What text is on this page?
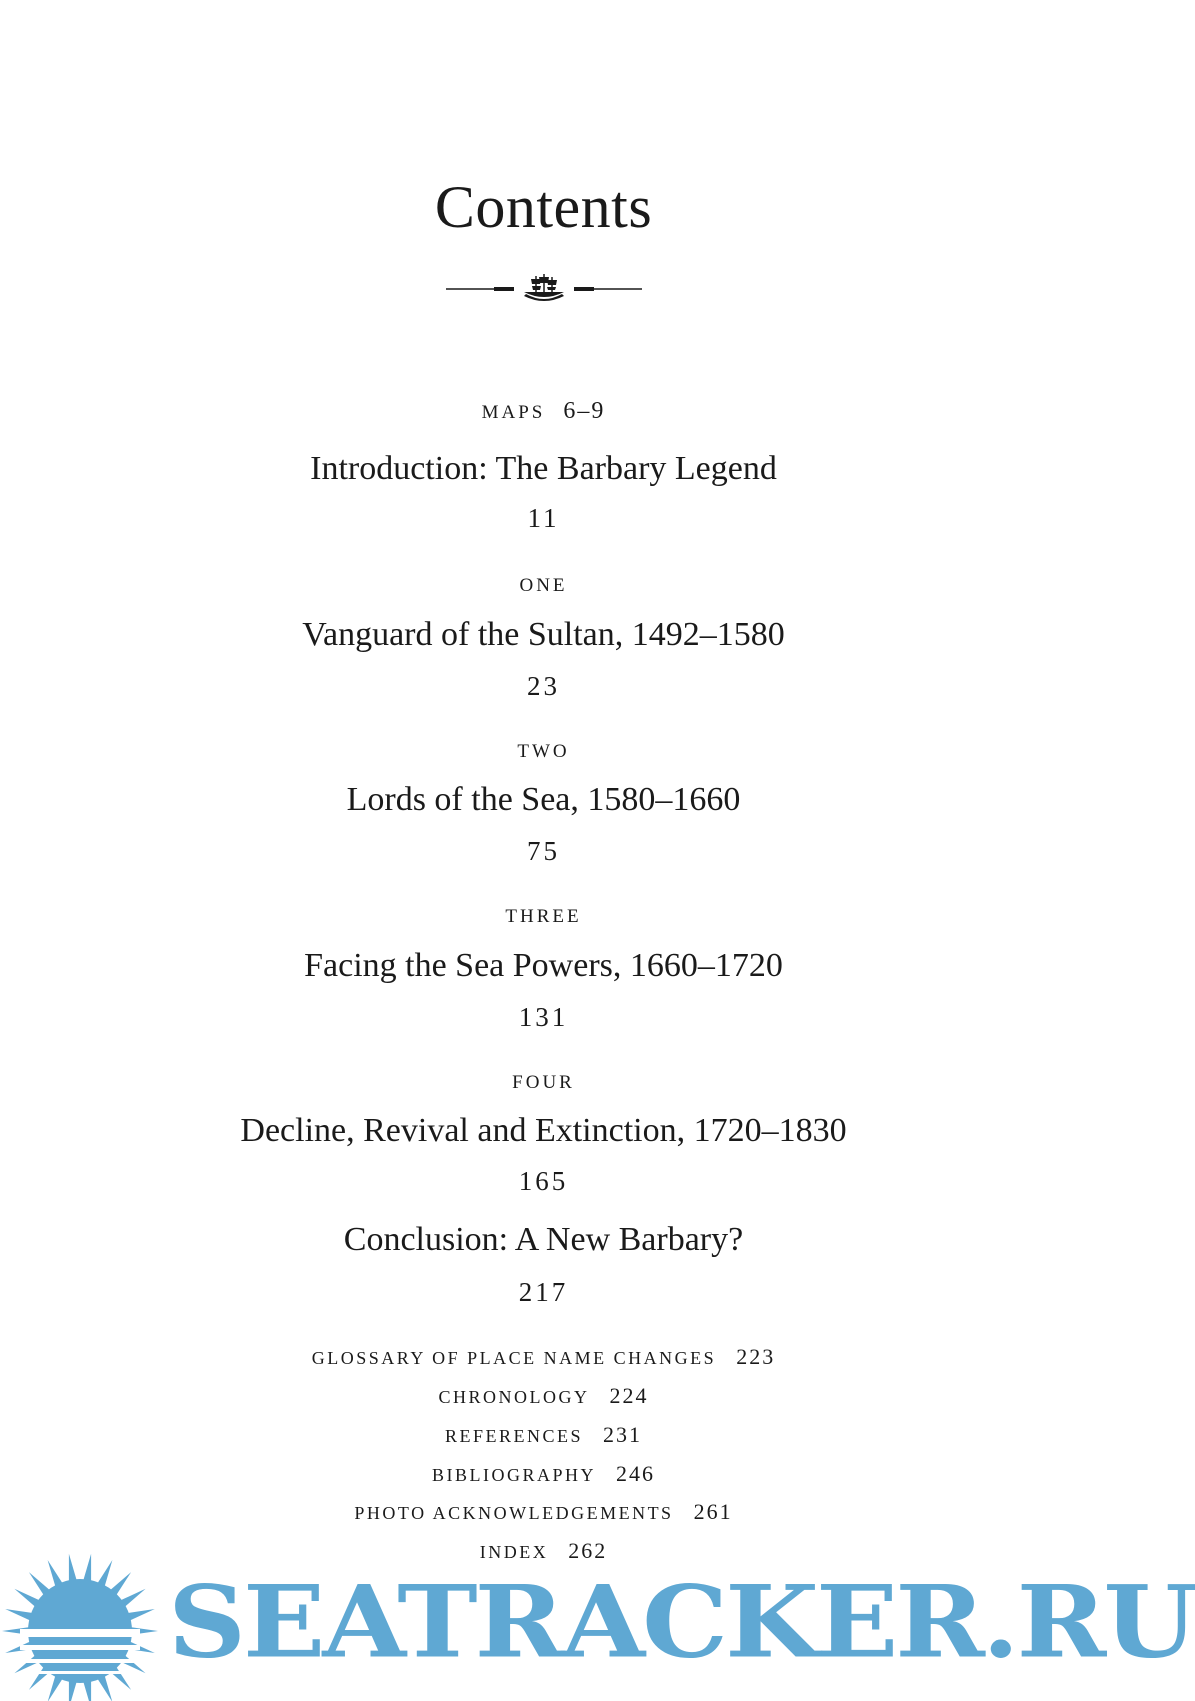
Contents
MAPS 6–9
Introduction: The Barbary Legend
11
ONE
Vanguard of the Sultan, 1492–1580
23
TWO
Lords of the Sea, 1580–1660
75
THREE
Facing the Sea Powers, 1660–1720
131
FOUR
Decline, Revival and Extinction, 1720–1830
165
Conclusion: A New Barbary?
217
GLOSSARY OF PLACE NAME CHANGES 223
CHRONOLOGY 224
REFERENCES 231
BIBLIOGRAPHY 246
PHOTO ACKNOWLEDGEMENTS 261
INDEX 262
SEATRACKER.RU
